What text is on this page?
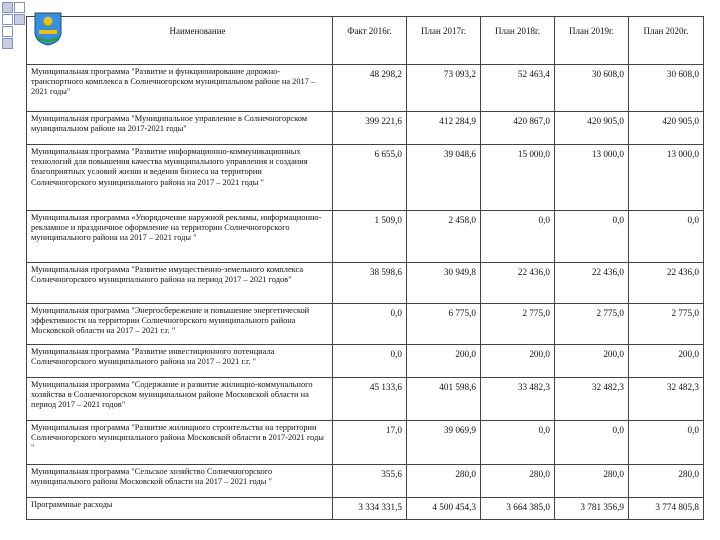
Наименование	Факт 2016г.	План 2017г.	План 2018г.	План 2019г.	План 2020г.
Муниципальная программа "Развитие и функционирование дорожно-транспортного комплекса в Солнечногорском муниципальном районе на 2017 – 2021 годы"	48 298,2	73 093,2	52 463,4	30 608,0	30 608,0
Муниципальная программа "Муниципальное управление в Солнечногорском муниципальном районе на 2017-2021 годы"	399 221,6	412 284,9	420 867,0	420 905,0	420 905,0
Муниципальная программа "Развитие информационно-коммуникационных технологий для повышения качества муниципального управления и создания благоприятных условий жизни и ведения бизнеса на территории Солнечногорского муниципального района на 2017 – 2021 годы "	6 655,0	39 048,6	15 000,0	13 000,0	13 000,0
Муниципальная программа «Упорядочение наружной рекламы, информационно-рекламное и праздничное оформление на территории Солнечногорского муниципального района на 2017 – 2021 годы "	1 509,0	2 458,0	0,0	0,0	0,0
Муниципальная программа "Развитие имущественно-земельного комплекса Солнечногорского муниципального района на период 2017 – 2021 годов"	38 598,6	30 949,8	22 436,0	22 436,0	22 436,0
Муниципальная программа "Энергосбережение и повышение энергетической эффективности на территории Солнечногорского муниципального района Московской области на 2017 – 2021 г.г. "	0,0	6 775,0	2 775,0	2 775,0	2 775,0
Муниципальная программа "Развитие инвестиционного потенциала Солнечногорского муниципального района на 2017 – 2021 г.г. "	0,0	200,0	200,0	200,0	200,0
Муниципальная программа "Содержание и развитие жилищно-коммунального хозяйства в Солнечногорском муниципальном районе Московской области на период 2017 – 2021 годов"	45 133,6	401 598,6	33 482,3	32 482,3	32 482,3
Муниципальная программа "Развитие жилищного строительства на территории Солнечногорского муниципального района Московской области в 2017-2021 годы "	17,0	39 069,9	0,0	0,0	0,0
Муниципальная программа "Сельское хозяйство Солнечногорского муниципального района Московской области на 2017 – 2021 годы "	355,6	280,0	280,0	280,0	280,0
Программные расходы	3 334 331,5	4 500 454,3	3 664 385,0	3 781 356,9	3 774 805,8
